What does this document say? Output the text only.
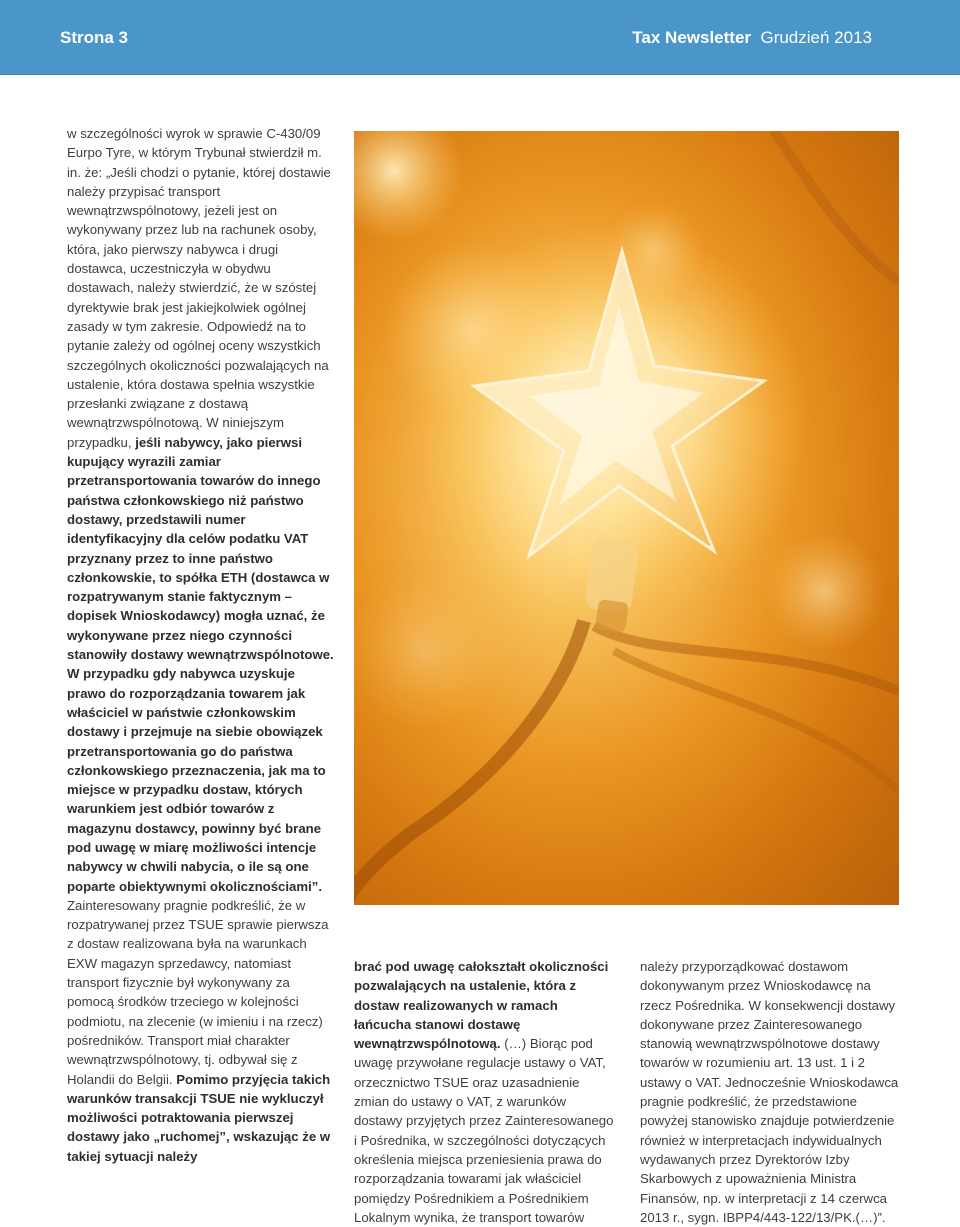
Strona 3	Tax Newsletter Grudzień 2013

w szczególności wyrok w sprawie C-430/09 Eurpo Tyre, w którym Trybunał stwierdził m. in. że: „Jeśli chodzi o pytanie, której dostawie należy przypisać transport wewnątrzwspólnotowy, jeżeli jest on wykonywany przez lub na rachunek osoby, która, jako pierwszy nabywca i drugi dostawca, uczestniczyła w obydwu dostawach, należy stwierdzić, że w szóstej dyrektywie brak jest jakiejkolwiek ogólnej zasady w tym zakresie. Odpowiedź na to pytanie zależy od ogólnej oceny wszystkich szczególnych okoliczności pozwalających na ustalenie, która dostawa spełnia wszystkie przesłanki związane z dostawą wewnątrzwspólnotową. W niniejszym przypadku, jeśli nabywcy, jako pierwsi kupujący wyrazili zamiar przetransportowania towarów do innego państwa członkowskiego niż państwo dostawy, przedstawili numer identyfikacyjny dla celów podatku VAT przyznany przez to inne państwo członkowskie, to spółka ETH (dostawca w rozpatrywanym stanie faktycznym – dopisek Wnioskodawcy) mogła uznać, że wykonywane przez niego czynności stanowiły dostawy wewnątrzwspólnotowe. W przypadku gdy nabywca uzyskuje prawo do rozporządzania towarem jak właściciel w państwie członkowskim dostawy i przejmuje na siebie obowiązek przetransportowania go do państwa członkowskiego przeznaczenia, jak ma to miejsce w przypadku dostaw, których warunkiem jest odbiór towarów z magazynu dostawcy, powinny być brane pod uwagę w miarę możliwości intencje nabywcy w chwili nabycia, o ile są one poparte obiektywnymi okolicznościami”. Zainteresowany pragnie podkreślić, że w rozpatrywanej przez TSUE sprawie pierwsza z dostaw realizowana była na warunkach EXW magazyn sprzedawcy, natomiast transport fizycznie był wykonywany za pomocą środków trzeciego w kolejności podmiotu, na zlecenie (w imieniu i na rzecz) pośredników. Transport miał charakter wewnątrzwspólnotowy, tj. odbywał się z Holandii do Belgii. Pomimo przyjęcia takich warunków transakcji TSUE nie wykluczył możliwości potraktowania pierwszej dostawy jako „ruchomej”, wskazując że w takiej sytuacji należy

brać pod uwagę całokształt okoliczności pozwalających na ustalenie, która z dostaw realizowanych w ramach łańcucha stanowi dostawę wewnątrzwspólnotową. (…) Biorąc pod uwagę przywołane regulacje ustawy o VAT, orzecznictwo TSUE oraz uzasadnienie zmian do ustawy o VAT, z warunków dostawy przyjętych przez Zainteresowanego i Pośrednika, w szczególności dotyczących określenia miejsca przeniesienia prawa do rozporządzania towarami jak właściciel pomiędzy Pośrednikiem a Pośrednikiem Lokalnym wynika, że transport towarów

należy przyporządkować dostawom dokonywanym przez Wnioskodawcę na rzecz Pośrednika. W konsekwencji dostawy dokonywane przez Zainteresowanego stanowią wewnątrzwspólnotowe dostawy towarów w rozumieniu art. 13 ust. 1 i 2 ustawy o VAT. Jednocześnie Wnioskodawca pragnie podkreślić, że przedstawione powyżej stanowisko znajduje potwierdzenie również w interpretacjach indywidualnych wydawanych przez Dyrektorów Izby Skarbowych z upoważnienia Ministra Finansów, np. w interpretacji z 14 czerwca 2013 r., sygn. IBPP4/443-122/13/PK.(…)”.
